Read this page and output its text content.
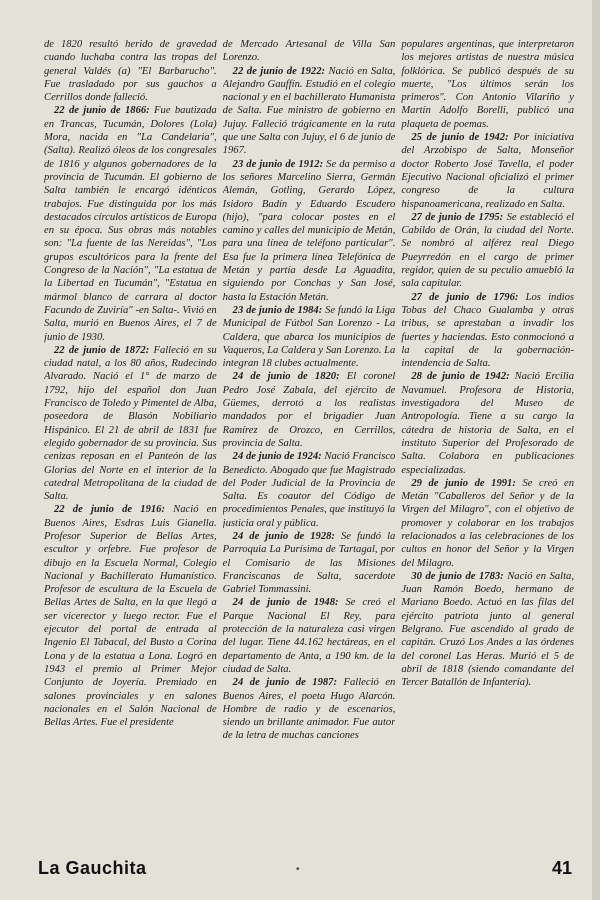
de 1820 resultó herido de gravedad cuando luchaba contra las tropas del general Valdés (a) "El Barbarucho". Fue trasladado por sus gauchos a Cerrillos donde falleció.

22 de junio de 1866: Fue bautizada en Trancas, Tucumán, Dolores (Lola) Mora, nacida en "La Candelaria", (Salta). Realizó óleos de los congresales de 1816 y algunos gobernadores de la provincia de Tucumán. El gobierno de Salta también le encargó idénticos trabajos. Fue distinguida por los más destacados círculos artísticos de Europa en su época. Sus obras más notables son: "La fuente de las Nereidas", "Los grupos escultóricos para la frente del Congreso de la Nación", "La estatua de la Libertad en Tucumán", "Estatua en mármol blanco de carrara al doctor Facundo de Zuviría" -en Salta-. Vivió en Salta, murió en Buenos Aires, el 7 de junio de 1930.

22 de junio de 1872: Falleció en su ciudad natal, a los 80 años, Rudecindo Alvarado. Nació el 1° de marzo de 1792, hijo del español don Juan Francisco de Toledo y Pimentel de Alba, poseedora de Blasón Nobiliario Hispánico. El 21 de abril de 1831 fue elegido gobernador de su provincia. Sus cenizas reposan en el Panteón de las Glorias del Norte en el interior de la catedral Metropolitana de la ciudad de Salta.

22 de junio de 1916: Nació en Buenos Aires, Esdras Luis Gianella. Profesor Superior de Bellas Artes, escultor y orfebre. Fue profesor de dibujo en la Escuela Normal, Colegio Nacional y Bachillerato Humanístico. Profesor de escultura de la Escuela de Bellas Artes de Salta, en la que llegó a ser vicerector y luego rector. Fue el ejecutor del portal de entrada al Ingenio El Tabacal, del Busto a Corina Lona y de la estatua a Lona. Logró en 1943 el premio al Primer Mejor Conjunto de Joyería. Premiado en salones provinciales y en salones nacionales en el Salón Nacional de Bellas Artes. Fue el presidente

de Mercado Artesanal de Villa San Lorenzo.

22 de junio de 1922: Nació en Salta, Alejandro Gauffín. Estudió en el colegio nacional y en el bachillerato Humanista de Salta. Fue ministro de gobierno en Jujuy. Falleció trágicamente en la ruta que une Salta con Jujuy, el 6 de junio de 1967.

23 de junio de 1912: Se da permiso a los señores Marcelino Sierra, Germán Alemán, Gotling, Gerardo López, Isidoro Badín y Eduardo Escudero (hijo), "para colocar postes en el camino y calles del municipio de Metán, para una línea de teléfono particular". Esa fue la primera línea Telefónica de Metán y partía desde La Aguadita, siguiendo por Conchas y San José, hasta la Estación Metán.

23 de junio de 1984: Se fundó la Liga Municipal de Fútbol San Lorenzo - La Caldera, que abarca los municipios de Vaqueros, La Caldera y San Lorenzo. La integran 18 clubes actualmente.

24 de junio de 1820: El coronel Pedro José Zabala, del ejército de Güemes, derrotó a los realistas mandados por el brigadier Juan Ramírez de Orozco, en Cerrillos, provincia de Salta.

24 de junio de 1924: Nació Francisco Benedicto. Abogado que fue Magistrado del Poder Judicial de la Provincia de Salta. Es coautor del Código de procedimientos Penales, que instituyó la justicia oral y pública.

24 de junio de 1928: Se fundó la Parroquia La Purísima de Tartagal, por el Comisario de las Misiones Franciscanas de Salta, sacerdote Gabriel Tommassini.

24 de junio de 1948: Se creó el Parque Nacional El Rey, para protección de la naturaleza casi virgen del lugar. Tiene 44.162 hectáreas, en el departamento de Anta, a 190 km. de la ciudad de Salta.

24 de junio de 1987: Falleció en Buenos Aires, el poeta Hugo Alarcón. Hombre de radio y de escenarios, siendo un brillante animador. Fue autor de la letra de muchas canciones

populares argentinas, que interpretaron los mejores artistas de nuestra música folklórica. Se publicó después de su muerte, "Los últimos serán los primeros". Con Antonio Vilariño y Martín Adolfo Borelli, publicó una plaqueta de poemas.

25 de junio de 1942: Por iniciativa del Arzobispo de Salta, Monseñor doctor Roberto José Tavella, el poder Ejecutivo Nacional oficializó el primer congreso de la cultura hispanoamericana, realizado en Salta.

27 de junio de 1795: Se estableció el Cabildo de Orán, la ciudad del Norte. Se nombró al alférez real Diego Pueyrredón en el cargo de primer regidor, quien de su peculio amuebló la sala capitular.

27 de junio de 1796: Los indios Tobas del Chaco Gualamba y otras tribus, se aprestaban a invadir los fuertes y haciendas. Esto conmocionó a la capital de la gobernación-intendencia de Salta.

28 de junio de 1942: Nació Ercilia Navamuel. Profesora de Historia, investigadora del Museo de Antropología. Tiene a su cargo la cátedra de historia de Salta, en el instituto Superior del Profesorado de Salta. Colabora en publicaciones especializadas.

29 de junio de 1991: Se creó en Metán "Caballeros del Señor y de la Virgen del Milagro", con el objetivo de promover y colaborar en los trabajos relacionados a las celebraciones de los cultos en honor del Señor y la Virgen del Milagro.

30 de junio de 1783: Nació en Salta, Juan Ramón Boedo, hermano de Mariano Boedo. Actuó en las filas del ejército patriota junto al general Belgrano. Fue ascendido al grado de capitán. Cruzó Los Andes a las órdenes del coronel Las Heras. Murió el 5 de abril de 1818 (siendo comandante del Tercer Batallón de Infantería).

La Gauchita	•	41
